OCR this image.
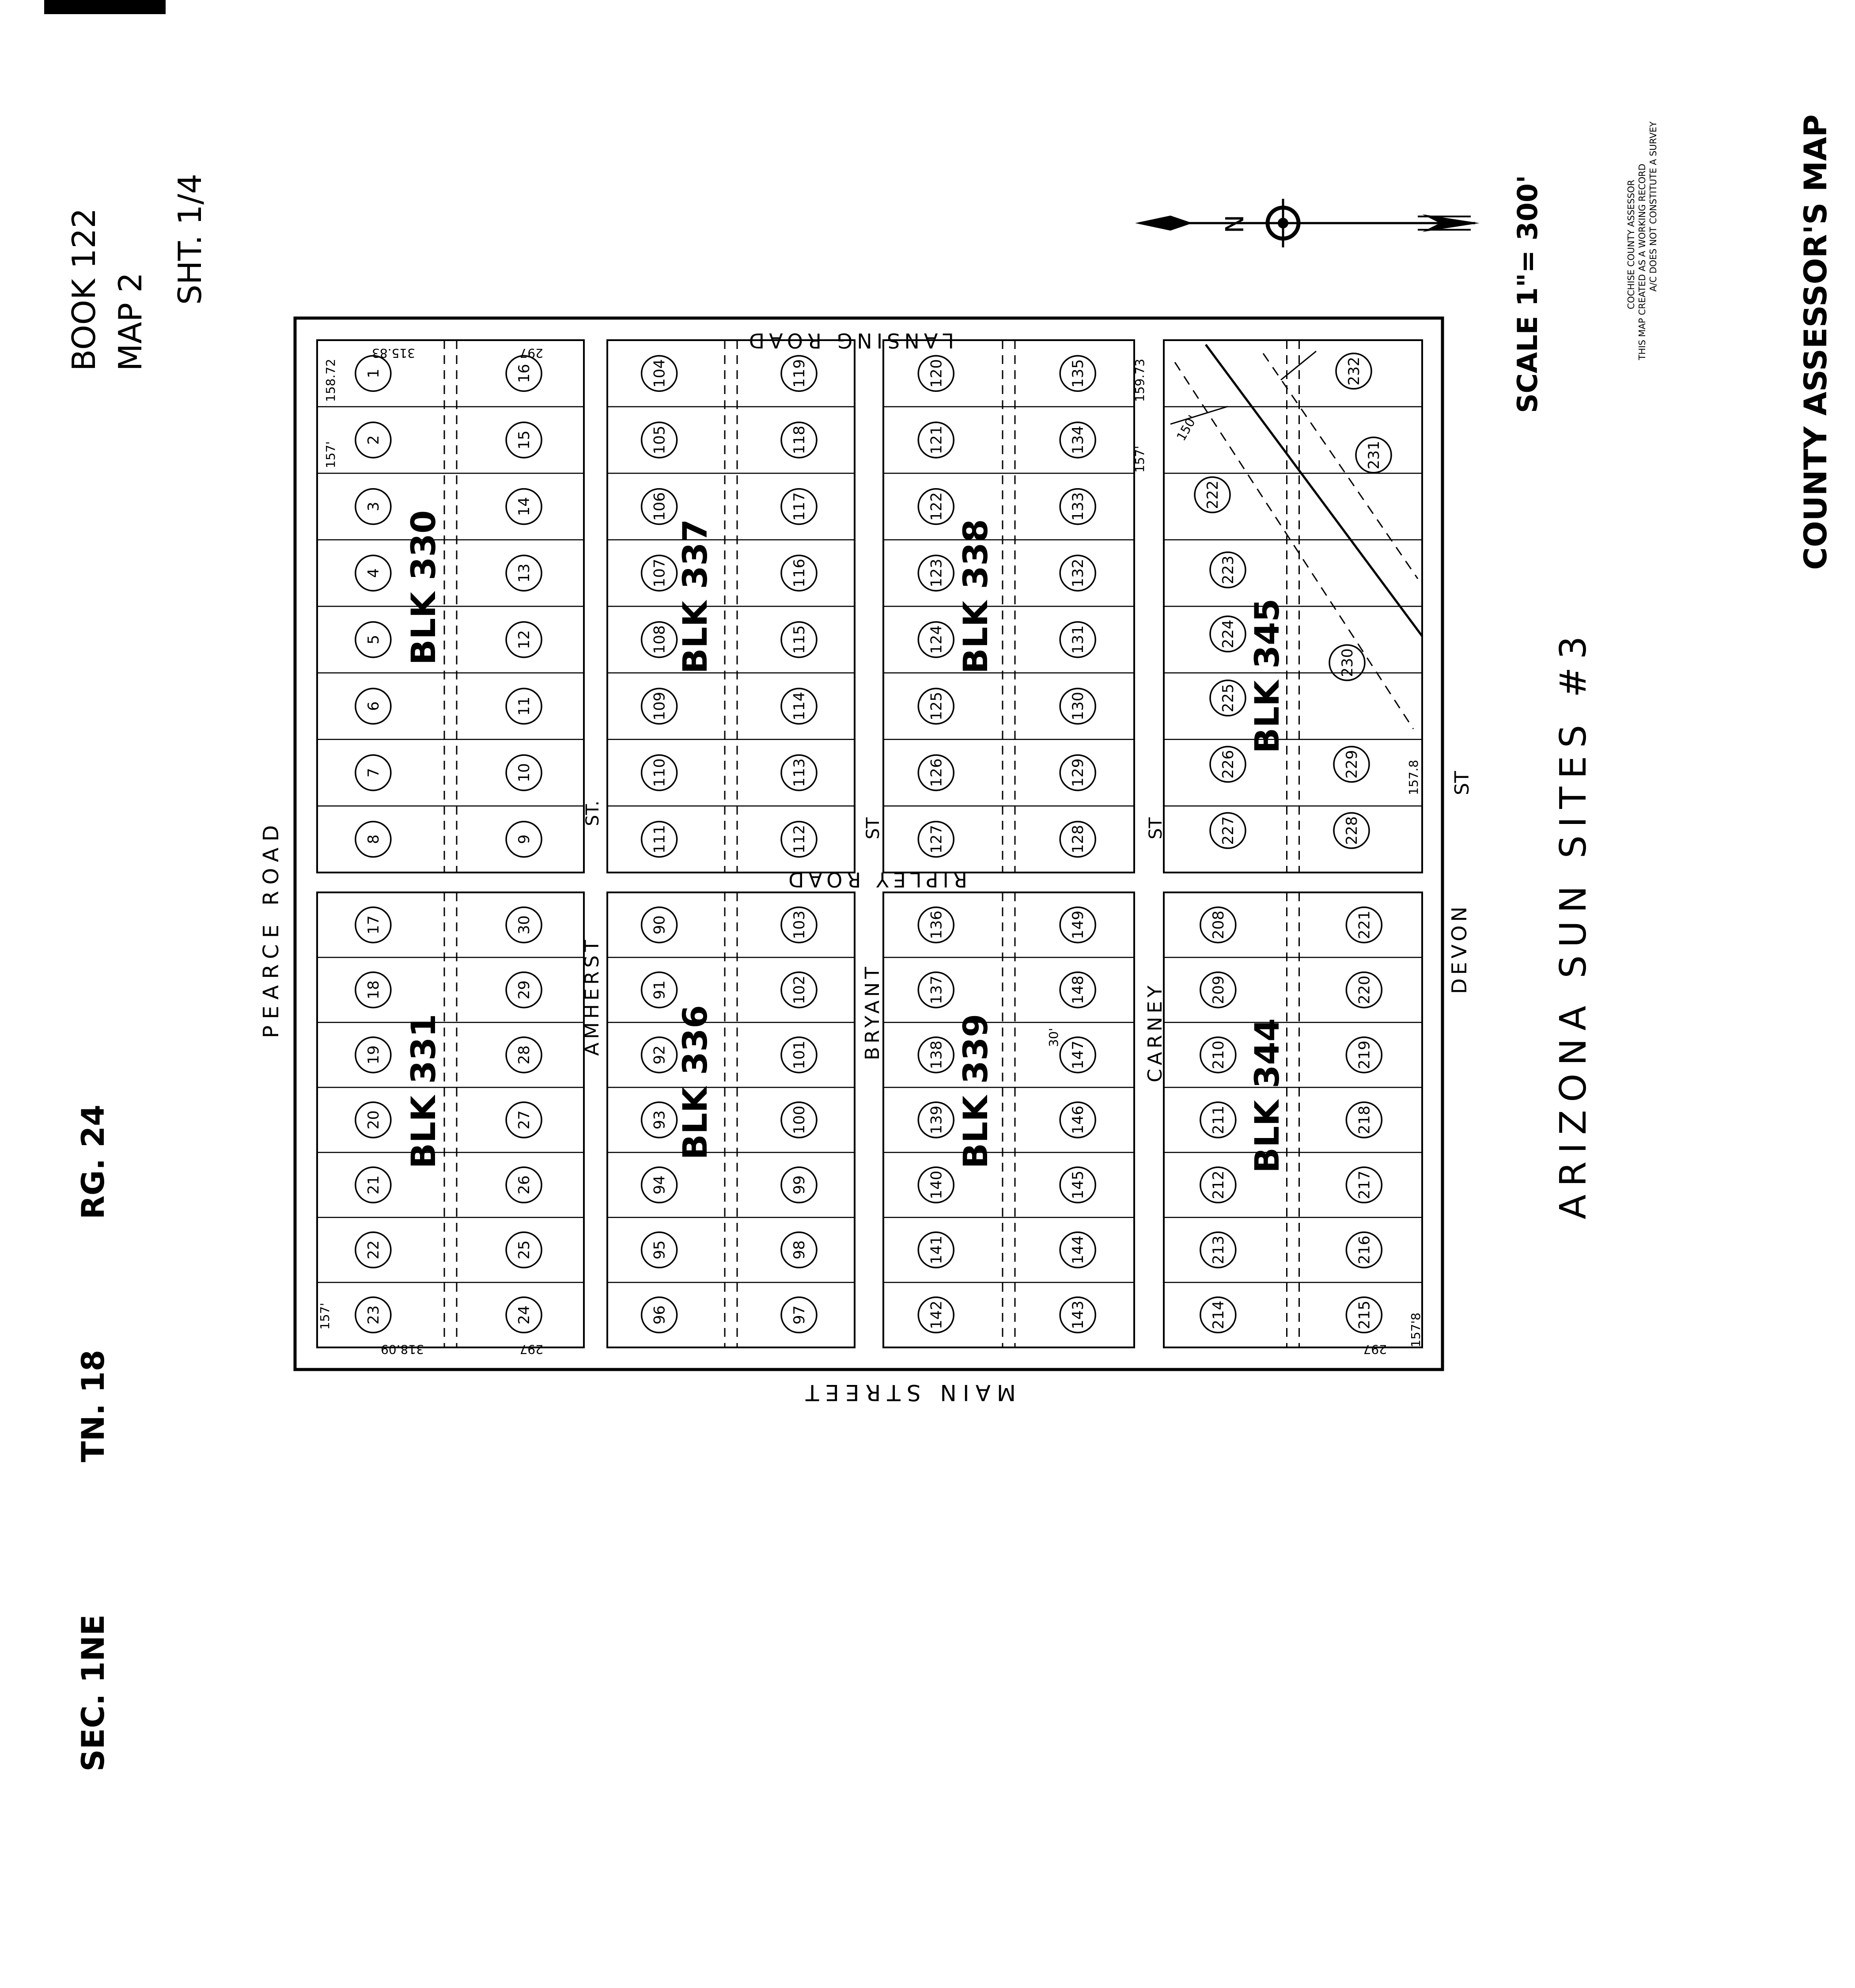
BOOK 122 MAP 2
SHT. 1/4
RG. 24
TN. 18
SEC. 1NE
ARIZONA SUN SITES #3
SCALE 1"= 300'	COUNTY ASSESSOR'S MAP
COCHISE COUNTY ASSESSOR THIS MAP CREATED AS A WORKING RECORD A/C DOES NOT CONSTITUTE A SURVEY
N
LANSING ROAD
RIPLEY ROAD
MAIN STREET
PEARCE ROAD	AMHERST
ST.
BRYANT
ST
CARNEY
ST
DEVON
ST
315.83
158.72
157'
297
159.73
157'
157'
318.09	297
157.8
297
150'
157'8
30'
1
2
3
4
5
6
7
8	9
10
11
12
13
14
15
16
BLK 330
104
105
106
107
108
109
110
111	112
113
114
115
116
117
118
119
BLK 337
120
121
122
123
124
125
126
127	128
129
130
131
132
133
134
135
BLK 338
222
223
224
225
226
227	228
229
230
231
232
BLK 345
17
18
19
20
21
22
23	24
25
26
27
28
29
30
BLK 331
90
91
92
93
94
95
96	97
98
99
100
101
102
103
BLK 336
136
137
138
139
140
141
142	143
144
145
146
147
148
149
BLK 339
208
209
210
211
212
213
214	215
216
217
218
219
220
221
BLK 344
